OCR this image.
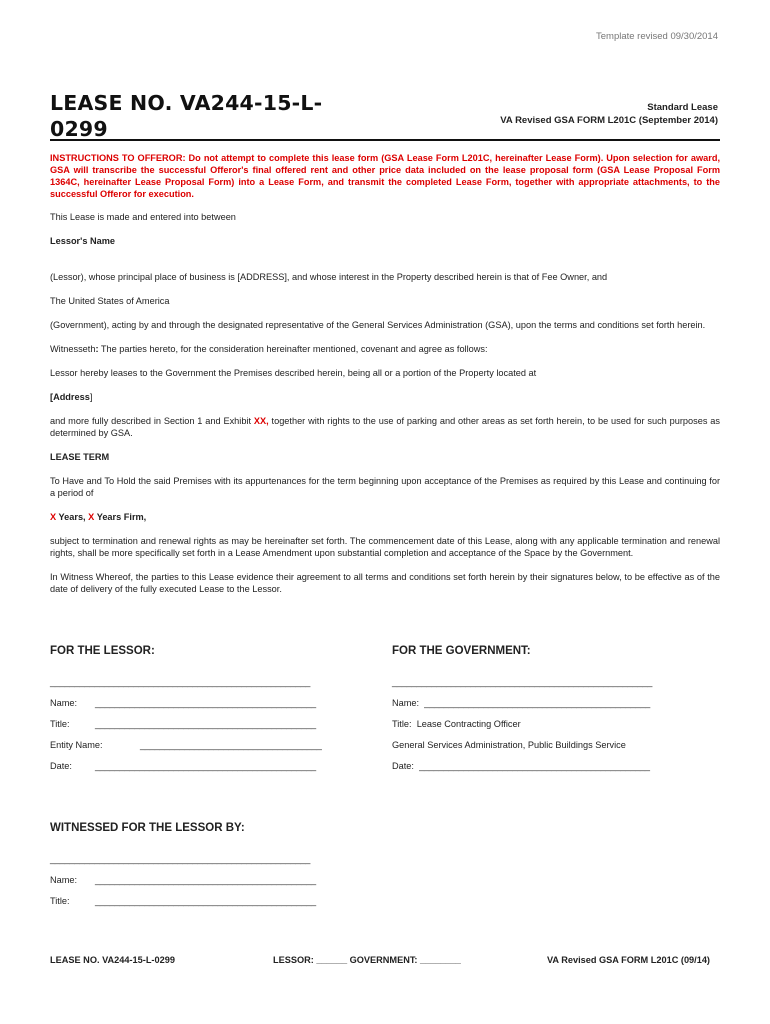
Template revised 09/30/2014
LEASE NO. VA244-15-L-
0299
Standard Lease
VA Revised GSA FORM L201C (September 2014)

INSTRUCTIONS TO OFFEROR: Do not attempt to complete this lease form (GSA Lease Form L201C, hereinafter Lease Form). Upon selection for award, GSA will transcribe the successful Offeror's final offered rent and other price data included on the lease proposal form (GSA Lease Proposal Form 1364C, hereinafter Lease Proposal Form) into a Lease Form, and transmit the completed Lease Form, together with appropriate attachments, to the successful Offeror for execution.

This Lease is made and entered into between

Lessor's Name

(Lessor), whose principal place of business is [ADDRESS], and whose interest in the Property described herein is that of Fee Owner, and

The United States of America

(Government), acting by and through the designated representative of the General Services Administration (GSA), upon the terms and conditions set forth herein.

Witnesseth: The parties hereto, for the consideration hereinafter mentioned, covenant and agree as follows:

Lessor hereby leases to the Government the Premises described herein, being all or a portion of the Property located at

[Address]

and more fully described in Section 1 and Exhibit XX, together with rights to the use of parking and other areas as set forth herein, to be used for such purposes as determined by GSA.

LEASE TERM

To Have and To Hold the said Premises with its appurtenances for the term beginning upon acceptance of the Premises as required by this Lease and continuing for a period of

X Years, X Years Firm,

subject to termination and renewal rights as may be hereinafter set forth. The commencement date of this Lease, along with any applicable termination and renewal rights, shall be more specifically set forth in a Lease Amendment upon substantial completion and acceptance of the Space by the Government.

In Witness Whereof, the parties to this Lease evidence their agreement to all terms and conditions set forth herein by their signatures below, to be effective as of the date of delivery of the fully executed Lease to the Lessor.

FOR THE LESSOR:
_____________________________________________________
Name:	_____________________________________________
Title:	_____________________________________________
Entity Name:	_____________________________________
Date:	_____________________________________________
FOR THE GOVERNMENT:
_____________________________________________________
Name:
______________________________________________
Title:
Lease Contracting Officer
General Services Administration, Public Buildings Service
Date:
_______________________________________________
WITNESSED FOR THE LESSOR BY:
_____________________________________________________
Name:	_____________________________________________
Title:	_____________________________________________
LEASE NO. VA244-15-L-0299	LESSOR: ______ GOVERNMENT: ________	VA Revised GSA FORM L201C (09/14)
